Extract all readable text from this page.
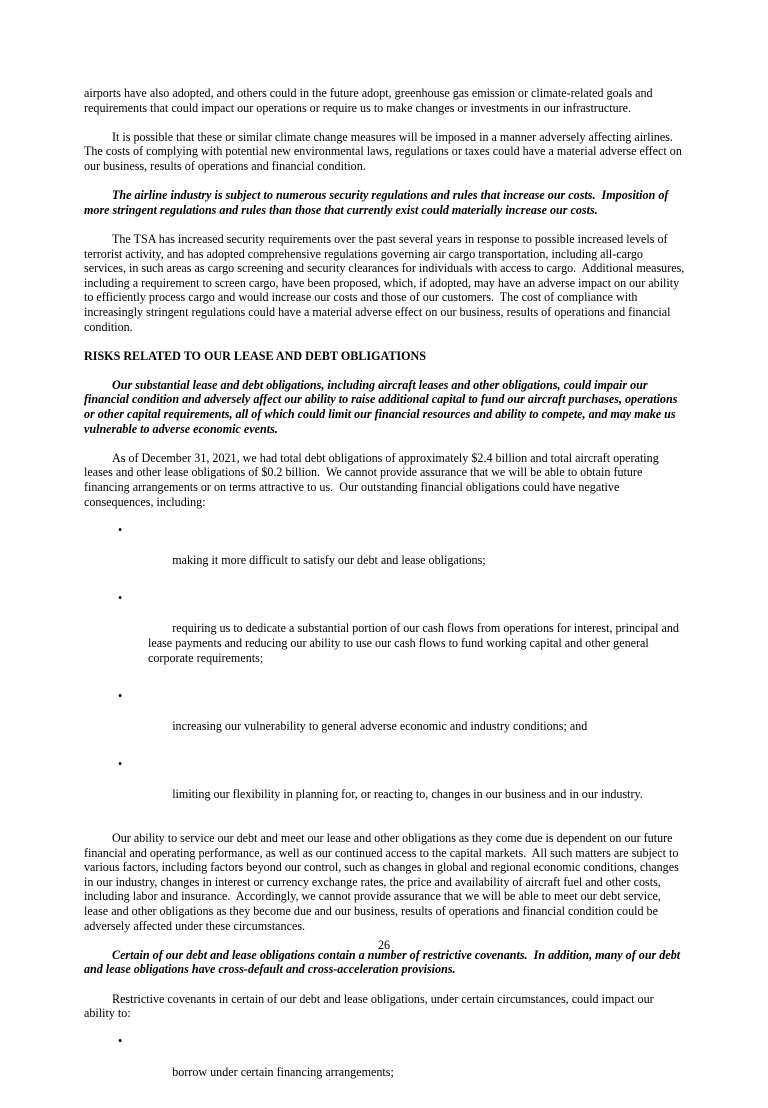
airports have also adopted, and others could in the future adopt, greenhouse gas emission or climate-related goals and requirements that could impact our operations or require us to make changes or investments in our infrastructure.

It is possible that these or similar climate change measures will be imposed in a manner adversely affecting airlines.  The costs of complying with potential new environmental laws, regulations or taxes could have a material adverse effect on our business, results of operations and financial condition.

The airline industry is subject to numerous security regulations and rules that increase our costs.  Imposition of more stringent regulations and rules than those that currently exist could materially increase our costs.

The TSA has increased security requirements over the past several years in response to possible increased levels of terrorist activity, and has adopted comprehensive regulations governing air cargo transportation, including all-cargo services, in such areas as cargo screening and security clearances for individuals with access to cargo.  Additional measures, including a requirement to screen cargo, have been proposed, which, if adopted, may have an adverse impact on our ability to efficiently process cargo and would increase our costs and those of our customers.  The cost of compliance with increasingly stringent regulations could have a material adverse effect on our business, results of operations and financial condition.

RISKS RELATED TO OUR LEASE AND DEBT OBLIGATIONS

Our substantial lease and debt obligations, including aircraft leases and other obligations, could impair our financial condition and adversely affect our ability to raise additional capital to fund our aircraft purchases, operations or other capital requirements, all of which could limit our financial resources and ability to compete, and may make us vulnerable to adverse economic events.

As of December 31, 2021, we had total debt obligations of approximately $2.4 billion and total aircraft operating leases and other lease obligations of $0.2 billion.  We cannot provide assurance that we will be able to obtain future financing arrangements or on terms attractive to us.  Our outstanding financial obligations could have negative consequences, including:

•

making it more difficult to satisfy our debt and lease obligations;

•

requiring us to dedicate a substantial portion of our cash flows from operations for interest, principal and lease payments and reducing our ability to use our cash flows to fund working capital and other general corporate requirements;

•

increasing our vulnerability to general adverse economic and industry conditions; and

•

limiting our flexibility in planning for, or reacting to, changes in our business and in our industry.

Our ability to service our debt and meet our lease and other obligations as they come due is dependent on our future financial and operating performance, as well as our continued access to the capital markets.  All such matters are subject to various factors, including factors beyond our control, such as changes in global and regional economic conditions, changes in our industry, changes in interest or currency exchange rates, the price and availability of aircraft fuel and other costs, including labor and insurance.  Accordingly, we cannot provide assurance that we will be able to meet our debt service, lease and other obligations as they become due and our business, results of operations and financial condition could be adversely affected under these circumstances.

Certain of our debt and lease obligations contain a number of restrictive covenants.  In addition, many of our debt and lease obligations have cross-default and cross-acceleration provisions.

Restrictive covenants in certain of our debt and lease obligations, under certain circumstances, could impact our ability to:

•

borrow under certain financing arrangements;

26
